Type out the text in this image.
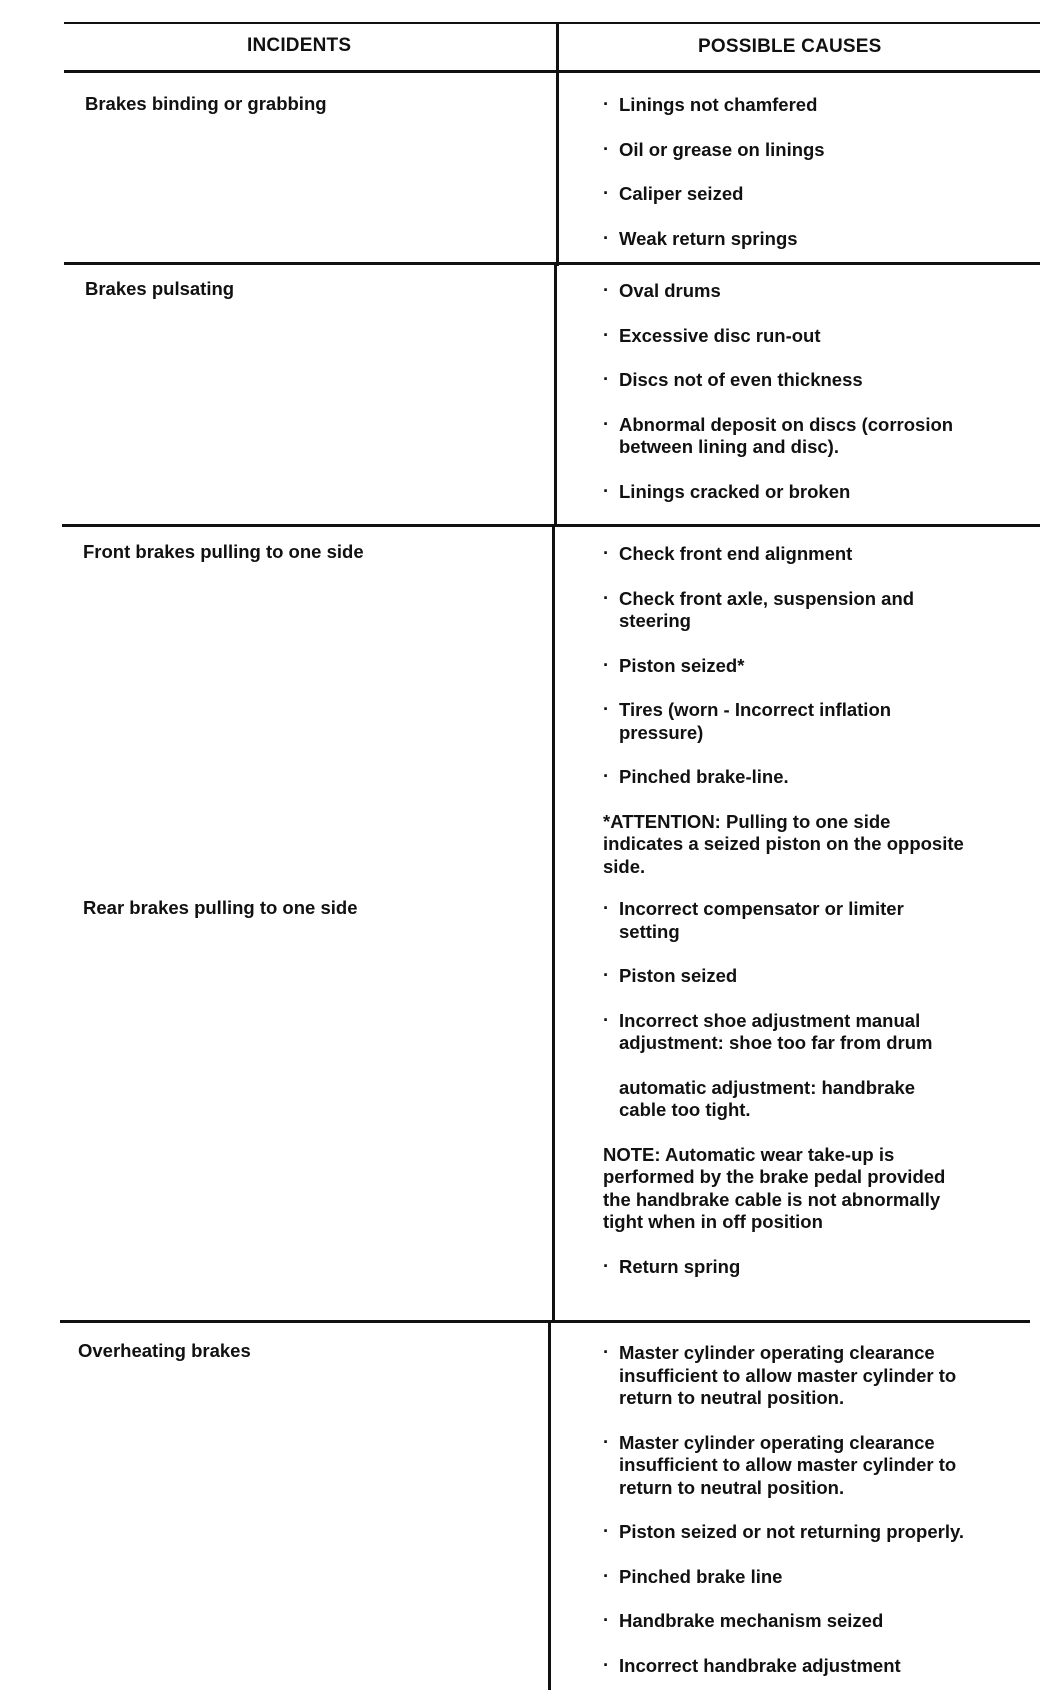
INCIDENTS	POSSIBLE CAUSES
Brakes binding or grabbing	· Linings not chamfered

· Oil or grease on linings

· Caliper seized

· Weak return springs

Brakes pulsating	· Oval drums

· Excessive disc run-out

· Discs not of even thickness

· Abnormal deposit on discs (corrosion between lining and disc).

· Linings cracked or broken

Front brakes pulling to one side	· Check front end alignment

· Check front axle, suspension and steering

· Piston seized*

· Tires (worn - Incorrect inflation pressure)

· Pinched brake-line.

*ATTENTION: Pulling to one side indicates a seized piston on the opposite side.

Rear brakes pulling to one side	· Incorrect compensator or limiter setting

· Piston seized

· Incorrect shoe adjustment manual adjustment: shoe too far from drum

automatic adjustment: handbrake cable too tight.

NOTE: Automatic wear take-up is performed by the brake pedal provided the handbrake cable is not abnormally tight when in off position

· Return spring

Overheating brakes	· Master cylinder operating clearance insufficient to allow master cylinder to return to neutral position.

· Master cylinder operating clearance insufficient to allow master cylinder to return to neutral position.

· Piston seized or not returning properly.

· Pinched brake line

· Handbrake mechanism seized

· Incorrect handbrake adjustment
